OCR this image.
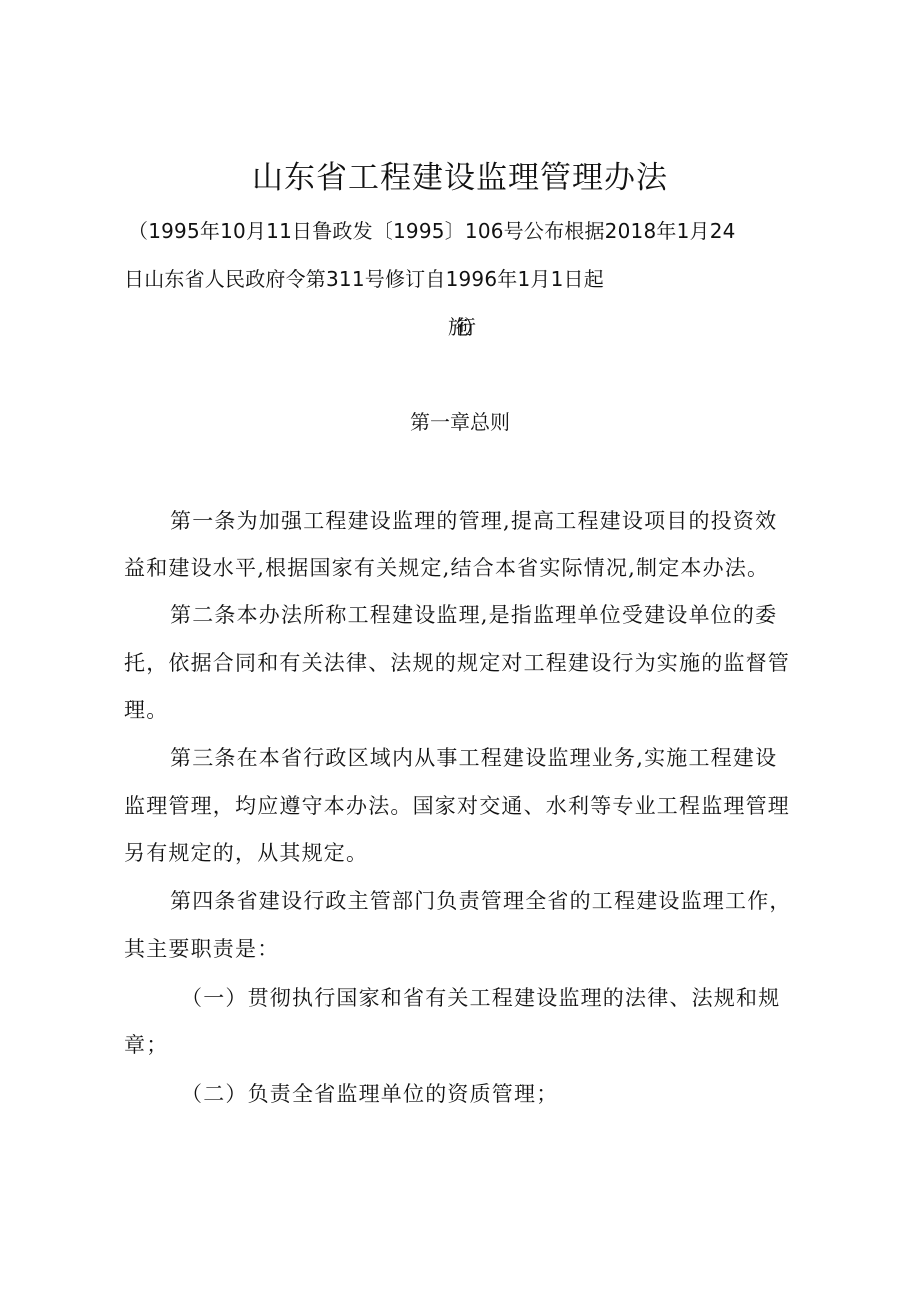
山东省工程建设监理管理办法
（1995年10月11日鲁政发〔1995〕106号公布根据2018年1月24
日山东省人民政府令第311号修订自1996年1月1日起
施行）
第一章总则
第一条为加强工程建设监理的管理,提高工程建设项目的投资效
益和建设水平,根据国家有关规定,结合本省实际情况,制定本办法。
第二条本办法所称工程建设监理,是指监理单位受建设单位的委
托，依据合同和有关法律、法规的规定对工程建设行为实施的监督管
理。
第三条在本省行政区域内从事工程建设监理业务,实施工程建设
监理管理，均应遵守本办法。国家对交通、水利等专业工程监理管理
另有规定的，从其规定。
第四条省建设行政主管部门负责管理全省的工程建设监理工作，
其主要职责是：
（一）贯彻执行国家和省有关工程建设监理的法律、法规和规
章；
（二）负责全省监理单位的资质管理；
